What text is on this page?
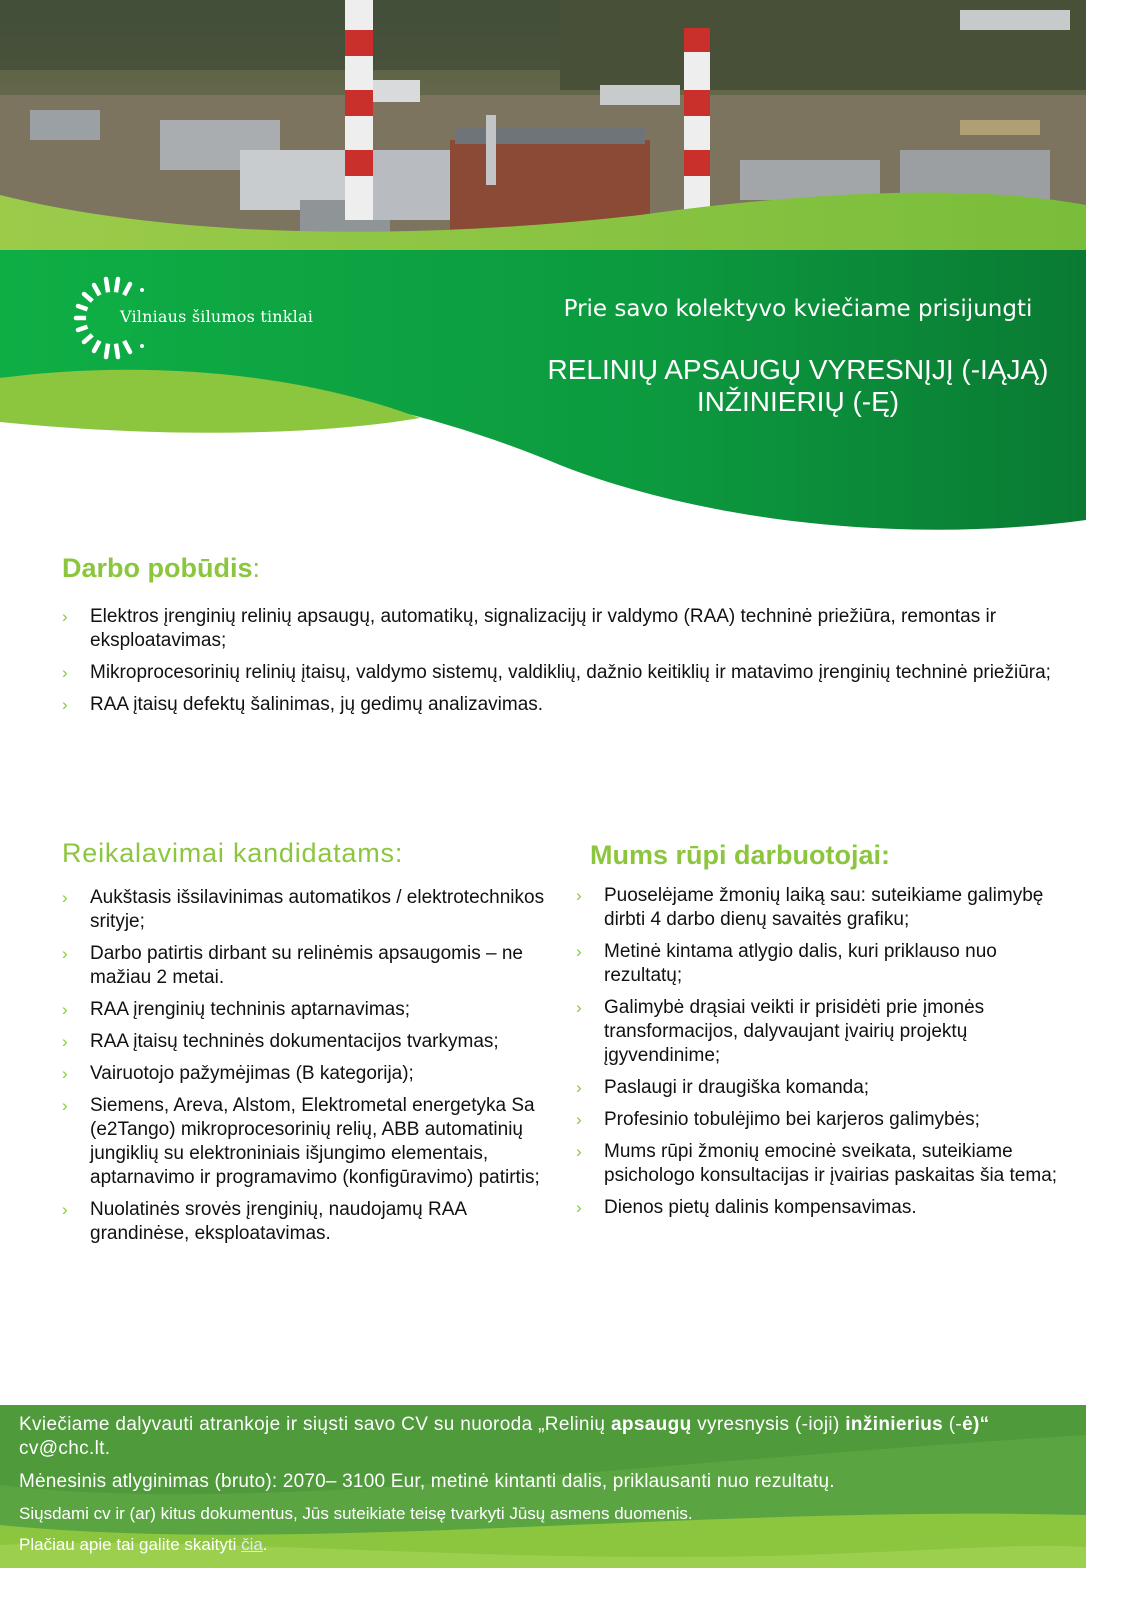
Vilniaus šilumos tinklai	Prie savo kolektyvo kviečiame prisijungti
RELINIŲ APSAUGŲ VYRESNĮJĮ (-IĄJĄ)
INŽINIERIŲ (-Ę)
Darbo pobūdis:
› Elektros įrenginių relinių apsaugų, automatikų, signalizacijų ir valdymo (RAA) techninė priežiūra, remontas ir eksploatavimas;
› Mikroprocesorinių relinių įtaisų, valdymo sistemų, valdiklių, dažnio keitiklių ir matavimo įrenginių techninė priežiūra;
› RAA įtaisų defektų šalinimas, jų gedimų analizavimas.
Reikalavimai kandidatams:
› Aukštasis išsilavinimas automatikos / elektrotechnikos srityje;
› Darbo patirtis dirbant su relinėmis apsaugomis – ne mažiau 2 metai.
› RAA įrenginių techninis aptarnavimas;
› RAA įtaisų techninės dokumentacijos tvarkymas;
› Vairuotojo pažymėjimas (B kategorija);
› Siemens, Areva, Alstom, Elektrometal energetyka Sa (e2Tango) mikroprocesorinių relių, ABB automatinių jungiklių su elektroniniais išjungimo elementais, aptarnavimo ir programavimo (konfigūravimo) patirtis;
› Nuolatinės srovės įrenginių, naudojamų RAA grandinėse, eksploatavimas.
Mums rūpi darbuotojai:
› Puoselėjame žmonių laiką sau: suteikiame galimybę dirbti 4 darbo dienų savaitės grafiku;
› Metinė kintama atlygio dalis, kuri priklauso nuo rezultatų;
› Galimybė drąsiai veikti ir prisidėti prie įmonės transformacijos, dalyvaujant įvairių projektų įgyvendinime;
› Paslaugi ir draugiška komanda;
› Profesinio tobulėjimo bei karjeros galimybės;
› Mums rūpi žmonių emocinė sveikata, suteikiame psichologo konsultacijas ir įvairias paskaitas šia tema;
› Dienos pietų dalinis kompensavimas.
Kviečiame dalyvauti atrankoje ir siųsti savo CV su nuoroda „Relinių apsaugų vyresnysis (-ioji) inžinierius (-ė)“
cv@chc.lt.
Mėnesinis atlyginimas (bruto): 2070– 3100 Eur, metinė kintanti dalis, priklausanti nuo rezultatų.
Siųsdami cv ir (ar) kitus dokumentus, Jūs suteikiate teisę tvarkyti Jūsų asmens duomenis.
Plačiau apie tai galite skaityti čia.
